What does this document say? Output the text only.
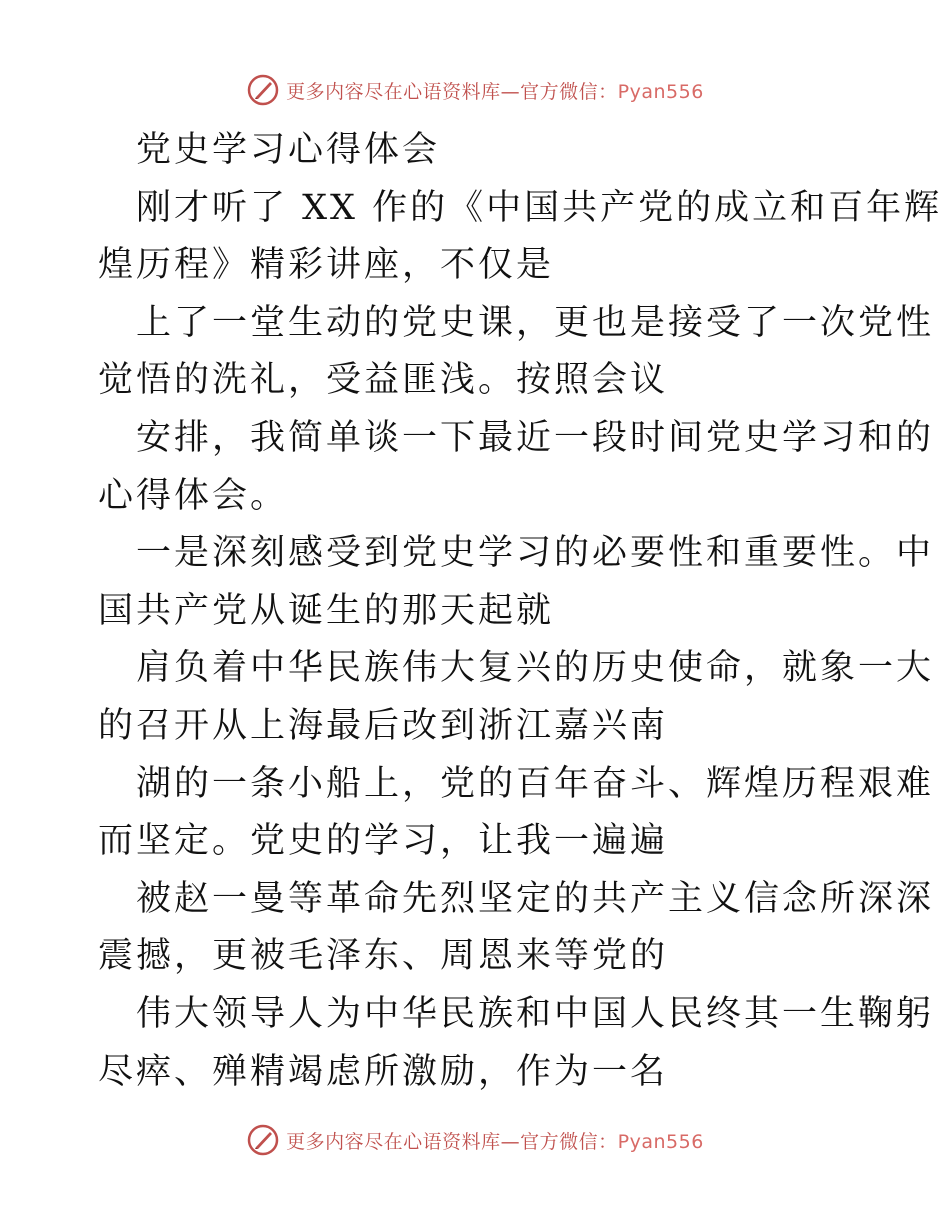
更多内容尽在心语资料库—官方微信：Pyan556
党史学习心得体会
刚才听了 XX 作的《中国共产党的成立和百年辉
煌历程》精彩讲座，不仅是
上了一堂生动的党史课，更也是接受了一次党性
觉悟的洗礼，受益匪浅。按照会议
安排，我简单谈一下最近一段时间党史学习和的
心得体会。
一是深刻感受到党史学习的必要性和重要性。中
国共产党从诞生的那天起就
肩负着中华民族伟大复兴的历史使命，就象一大
的召开从上海最后改到浙江嘉兴南
湖的一条小船上，党的百年奋斗、辉煌历程艰难
而坚定。党史的学习，让我一遍遍
被赵一曼等革命先烈坚定的共产主义信念所深深
震撼，更被毛泽东、周恩来等党的
伟大领导人为中华民族和中国人民终其一生鞠躬
尽瘁、殚精竭虑所激励，作为一名
更多内容尽在心语资料库—官方微信：Pyan556
